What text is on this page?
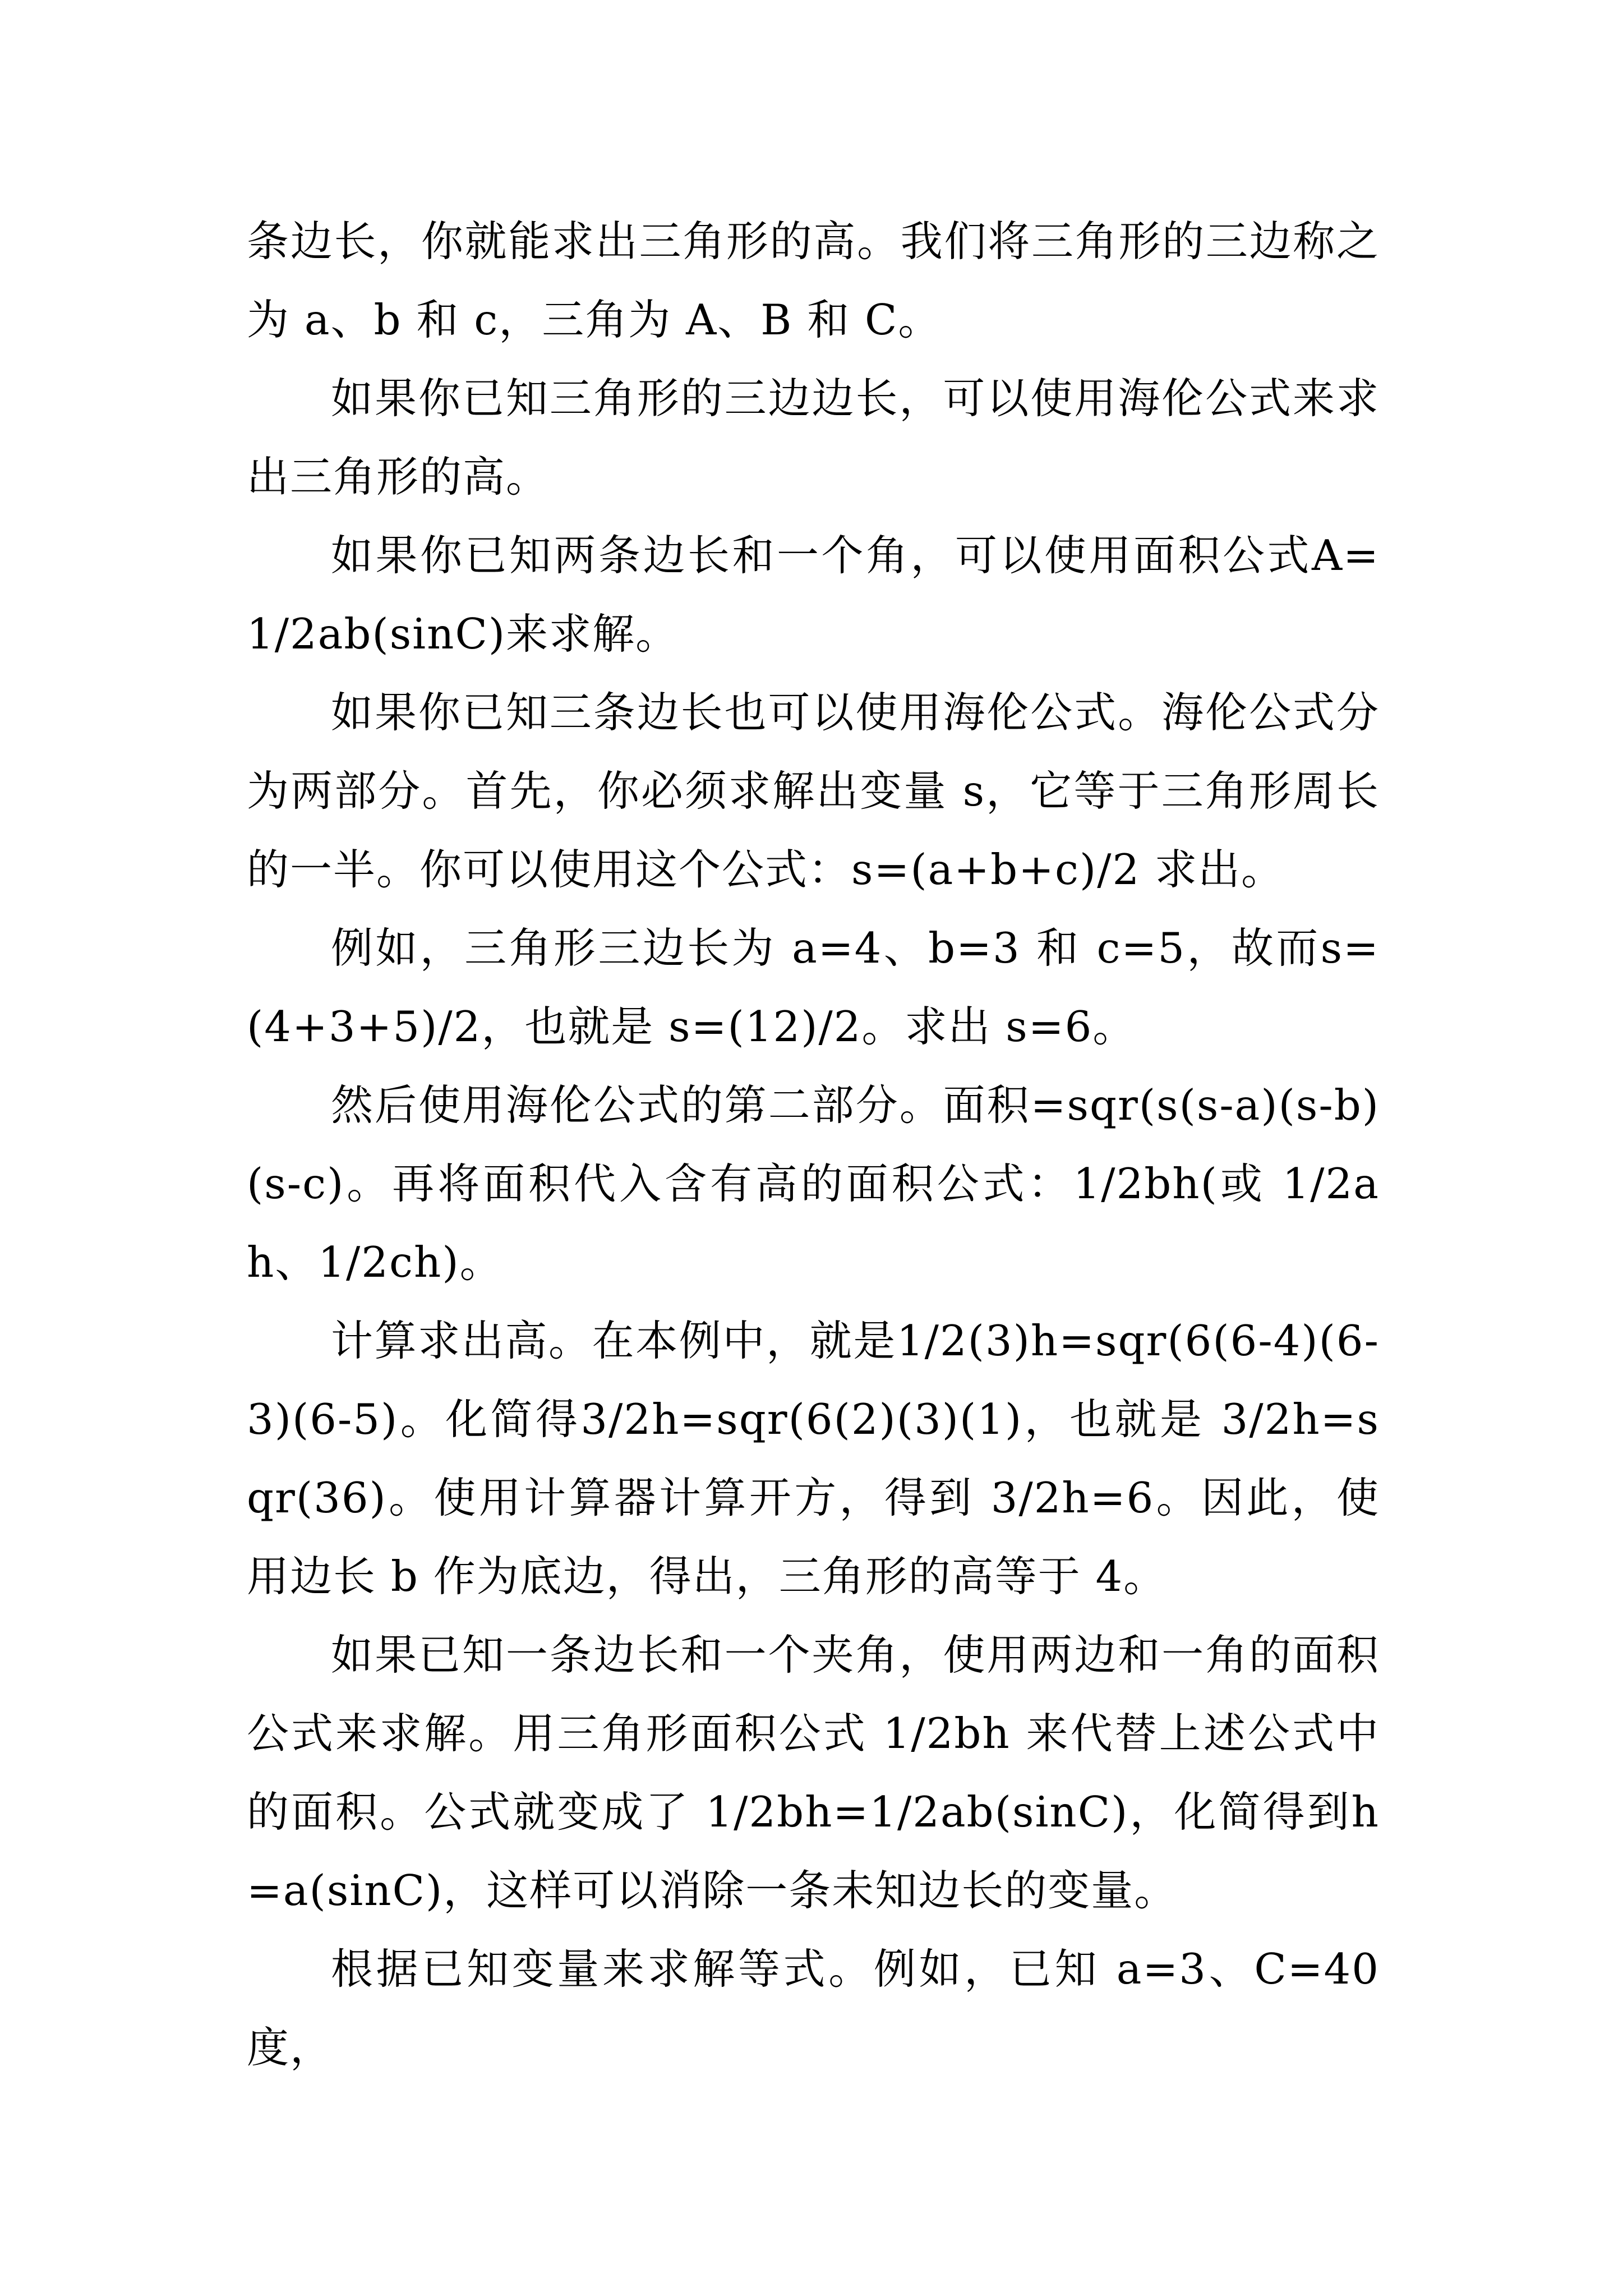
条边长，你就能求出三角形的高。我们将三角形的三边称之为 a、b 和 c，三角为 A、B 和 C。

如果你已知三角形的三边边长，可以使用海伦公式来求出三角形的高。

如果你已知两条边长和一个角，可以使用面积公式A=1/2ab(sinC)来求解。

如果你已知三条边长也可以使用海伦公式。海伦公式分为两部分。首先，你必须求解出变量 s，它等于三角形周长的一半。你可以使用这个公式：s=(a+b+c)/2 求出。

例如，三角形三边长为 a=4、b=3 和 c=5，故而s=(4+3+5)/2，也就是 s=(12)/2。求出 s=6。

然后使用海伦公式的第二部分。面积=sqr(s(s-a)(s-b)(s-c)。再将面积代入含有高的面积公式：1/2bh(或 1/2ah、1/2ch)。

计算求出高。在本例中，就是1/2(3)h=sqr(6(6-4)(6-3)(6-5)。化简得3/2h=sqr(6(2)(3)(1)，也就是 3/2h=sqr(36)。使用计算器计算开方，得到 3/2h=6。因此，使用边长 b 作为底边，得出，三角形的高等于 4。

如果已知一条边长和一个夹角，使用两边和一角的面积公式来求解。用三角形面积公式 1/2bh 来代替上述公式中的面积。公式就变成了 1/2bh=1/2ab(sinC)，化简得到h=a(sinC)，这样可以消除一条未知边长的变量。

根据已知变量来求解等式。例如，已知 a=3、C=40 度，
